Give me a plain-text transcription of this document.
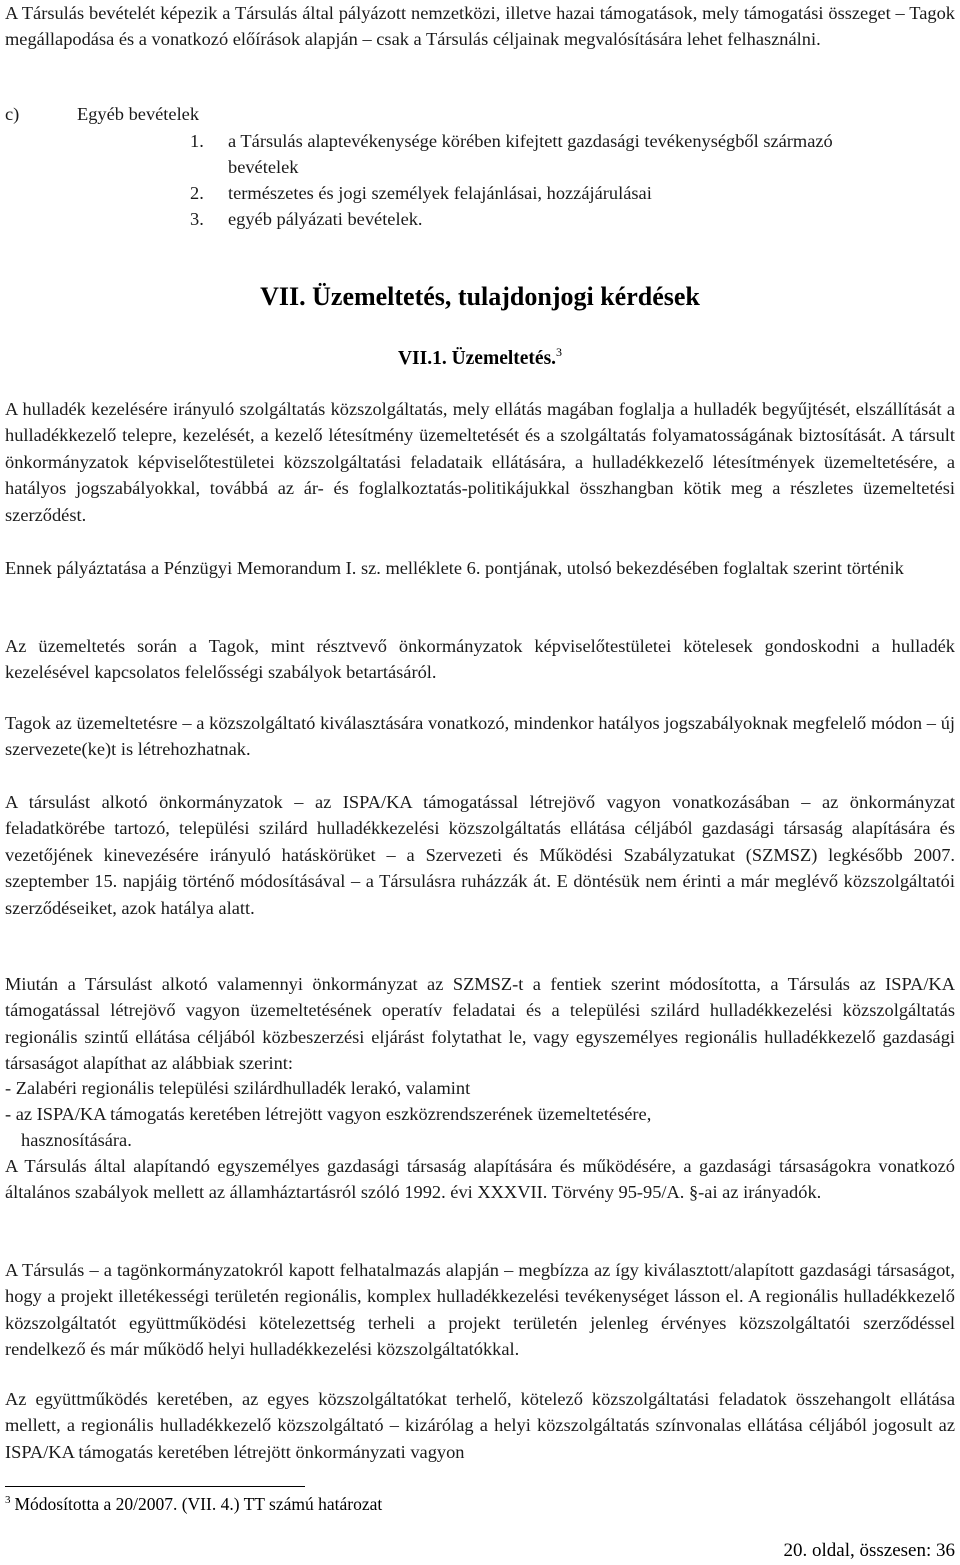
A Társulás bevételét képezik a Társulás által pályázott nemzetközi, illetve hazai támogatások, mely támogatási összeget – Tagok megállapodása és a vonatkozó előírások alapján – csak a Társulás céljainak megvalósítására lehet felhasználni.
c)	Egyéb bevételek
1. a Társulás alaptevékenysége körében kifejtett gazdasági tevékenységből származó
bevételek
2. természetes és jogi személyek felajánlásai, hozzájárulásai
3. egyéb pályázati bevételek.
VII. Üzemeltetés, tulajdonjogi kérdések
VII.1. Üzemeltetés.$^3$
A hulladék kezelésére irányuló szolgáltatás közszolgáltatás, mely ellátás magában foglalja a hulladék begyűjtését, elszállítását a hulladékkezelő telepre, kezelését, a kezelő létesítmény üzemeltetését és a szolgáltatás folyamatosságának biztosítását. A társult önkormányzatok képviselőtestületei közszolgáltatási feladataik ellátására, a hulladékkezelő létesítmények üzemeltetésére, a hatályos jogszabályokkal, továbbá az ár- és foglalkoztatás-politikájukkal összhangban kötik meg a részletes üzemeltetési szerződést.
Ennek pályáztatása a Pénzügyi Memorandum I. sz. melléklete 6. pontjának, utolsó bekezdésében foglaltak szerint történik
Az üzemeltetés során a Tagok, mint résztvevő önkormányzatok képviselőtestületei kötelesek gondoskodni a hulladék kezelésével kapcsolatos felelősségi szabályok betartásáról.
Tagok az üzemeltetésre – a közszolgáltató kiválasztására vonatkozó, mindenkor hatályos jogszabályoknak megfelelő módon – új szervezete(ke)t is létrehozhatnak.
A társulást alkotó önkormányzatok – az ISPA/KA támogatással létrejövő vagyon vonatkozásában – az önkormányzat feladatkörébe tartozó, települési szilárd hulladékkezelési közszolgáltatás ellátása céljából gazdasági társaság alapítására és vezetőjének kinevezésére irányuló hatáskörüket – a Szervezeti és Működési Szabályzatukat (SZMSZ) legkésőbb 2007. szeptember 15. napjáig történő módosításával – a Társulásra ruházzák át. E döntésük nem érinti a már meglévő közszolgáltatói szerződéseiket, azok hatálya alatt.
Miután a Társulást alkotó valamennyi önkormányzat az SZMSZ-t a fentiek szerint módosította, a Társulás az ISPA/KA támogatással létrejövő vagyon üzemeltetésének operatív feladatai és a települési szilárd hulladékkezelési közszolgáltatás regionális szintű ellátása céljából közbeszerzési eljárást folytathat le, vagy egyszemélyes regionális hulladékkezelő gazdasági társaságot alapíthat az alábbiak szerint:
- Zalabéri regionális települési szilárdhulladék lerakó, valamint
- az ISPA/KA támogatás keretében létrejött vagyon eszközrendszerének üzemeltetésére,
hasznosítására.
A Társulás által alapítandó egyszemélyes gazdasági társaság alapítására és működésére, a gazdasági társaságokra vonatkozó általános szabályok mellett az államháztartásról szóló 1992. évi XXXVII. Törvény 95-95/A. §-ai az irányadók.
A Társulás – a tagönkormányzatokról kapott felhatalmazás alapján – megbízza az így kiválasztott/alapított gazdasági társaságot, hogy a projekt illetékességi területén regionális, komplex hulladékkezelési tevékenységet lásson el. A regionális hulladékkezelő közszolgáltatót együttműködési kötelezettség terheli a projekt területén jelenleg érvényes közszolgáltatói szerződéssel rendelkező és már működő helyi hulladékkezelési közszolgáltatókkal.
Az együttműködés keretében, az egyes közszolgáltatókat terhelő, kötelező közszolgáltatási feladatok összehangolt ellátása mellett, a regionális hulladékkezelő közszolgáltató – kizárólag a helyi közszolgáltatás színvonalas ellátása céljából jogosult az ISPA/KA támogatás keretében létrejött önkormányzati vagyon
$^3$ Módosította a 20/2007. (VII. 4.) TT számú határozat
20. oldal, összesen: 36
